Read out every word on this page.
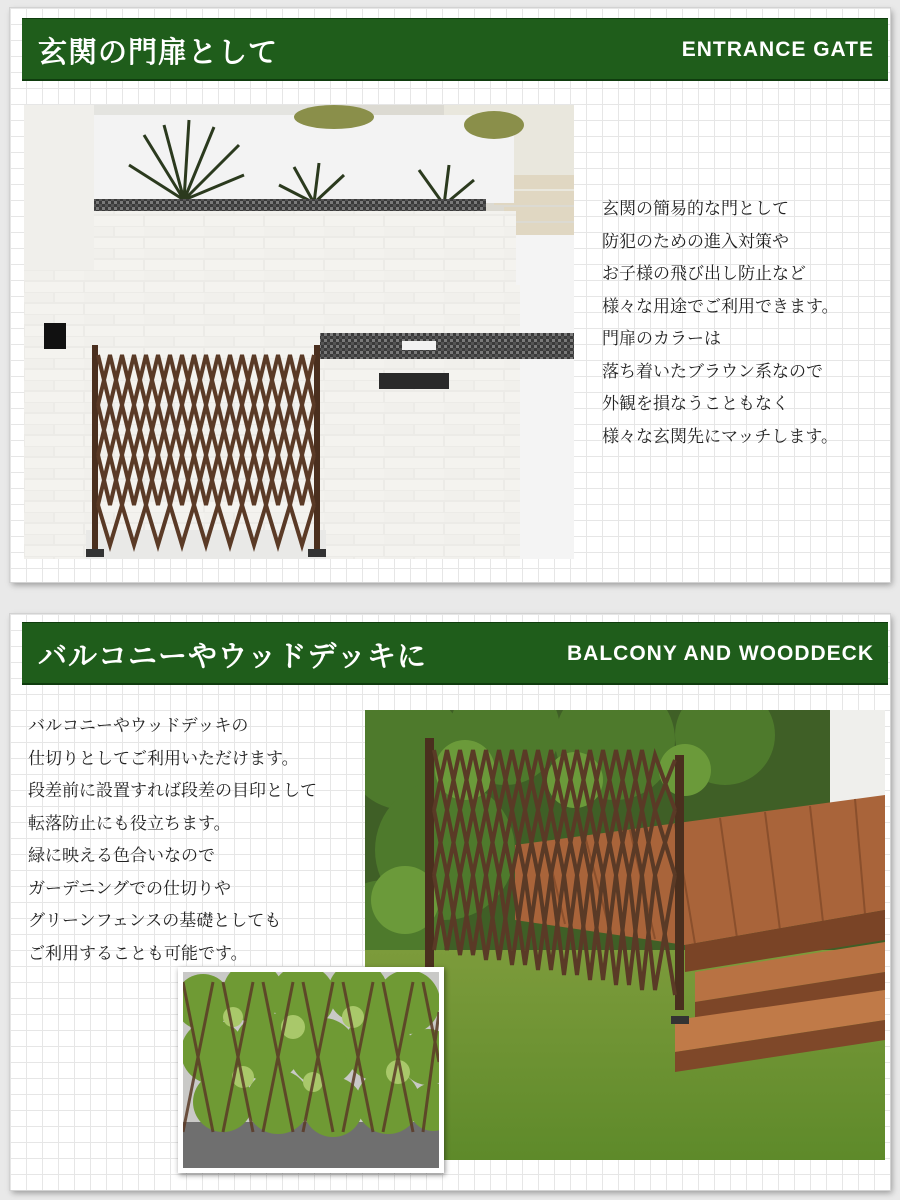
玄関の門扉として	ENTRANCE GATE
玄関の簡易的な門として
防犯のための進入対策や
お子様の飛び出し防止など
様々な用途でご利用できます。
門扉のカラーは
落ち着いたブラウン系なので
外観を損なうこともなく
様々な玄関先にマッチします。
バルコニーやウッドデッキに	BALCONY AND WOODDECK
バルコニーやウッドデッキの
仕切りとしてご利用いただけます。
段差前に設置すれば段差の目印として
転落防止にも役立ちます。
緑に映える色合いなので
ガーデニングでの仕切りや
グリーンフェンスの基礎としても
ご利用することも可能です。
